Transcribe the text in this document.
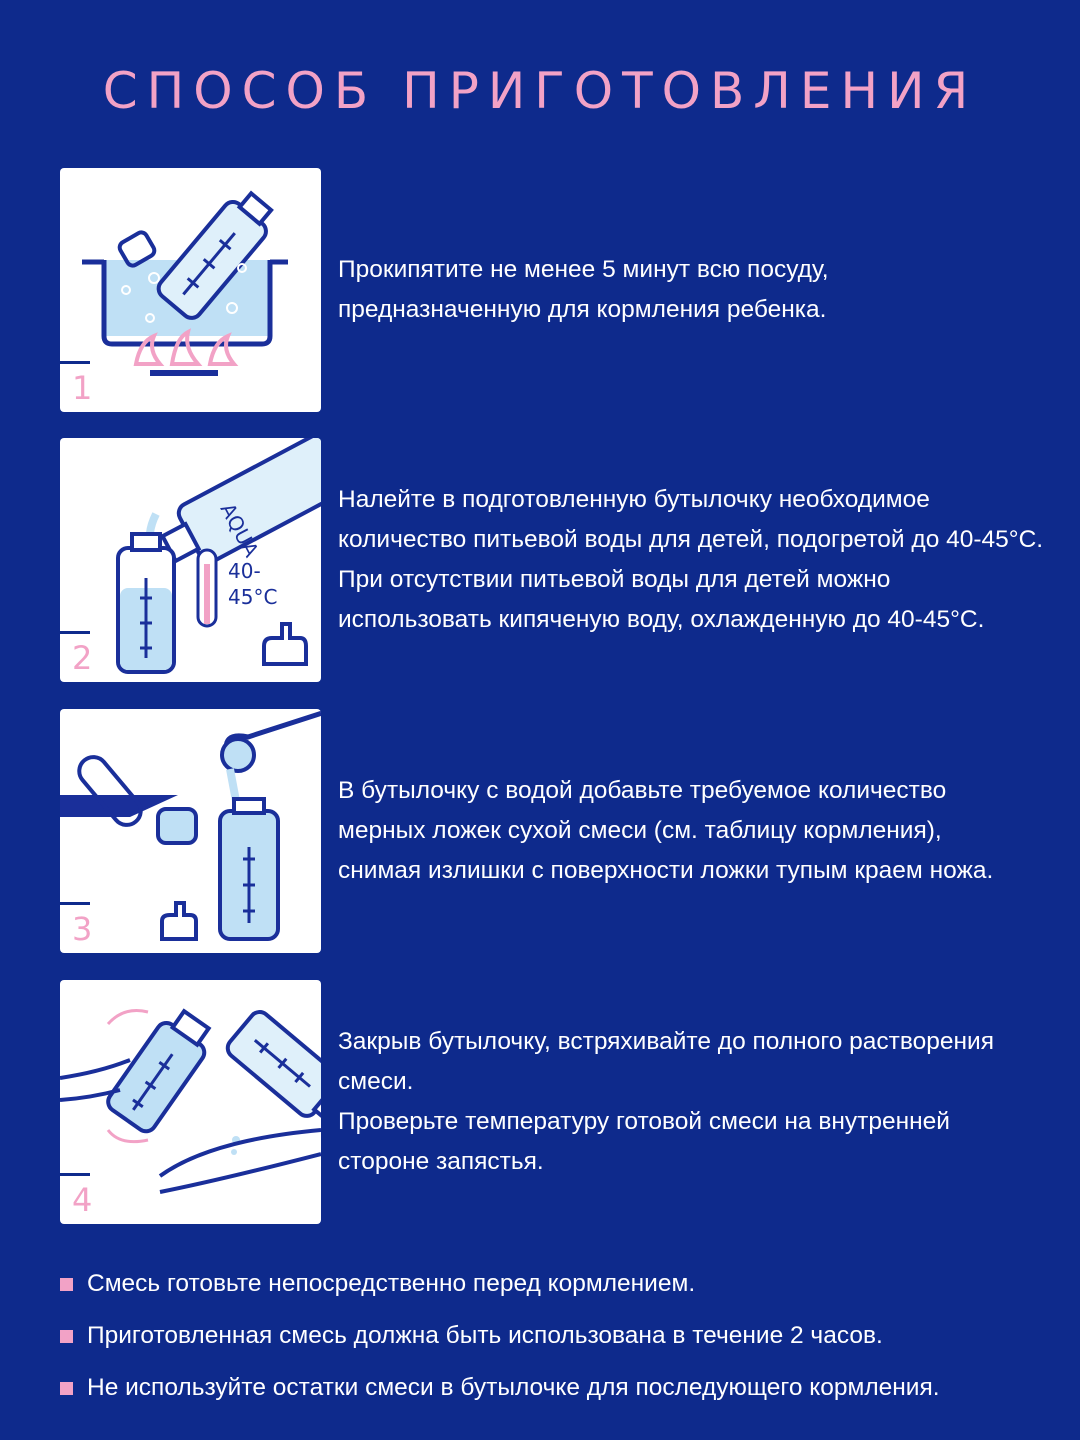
СПОСОБ ПРИГОТОВЛЕНИЯ
1
Прокипятите не менее 5 минут всю посуду,
предназначенную для кормления ребенка.
AQUA
40-
45°C
2
Налейте в подготовленную бутылочку необходимое
количество питьевой воды для детей, подогретой до 40-45°С.
При отсутствии питьевой воды для детей можно
использовать кипяченую воду, охлажденную до 40-45°С.
3
В бутылочку с водой добавьте требуемое количество
мерных ложек сухой смеси (см. таблицу кормления),
снимая излишки с поверхности ложки тупым краем ножа.
4
Закрыв бутылочку, встряхивайте до полного растворения
смеси.
Проверьте температуру готовой смеси на внутренней
стороне запястья.
Смесь готовьте непосредственно перед кормлением.
Приготовленная смесь должна быть использована в течение 2 часов.
Не используйте остатки смеси в бутылочке для последующего кормления.
